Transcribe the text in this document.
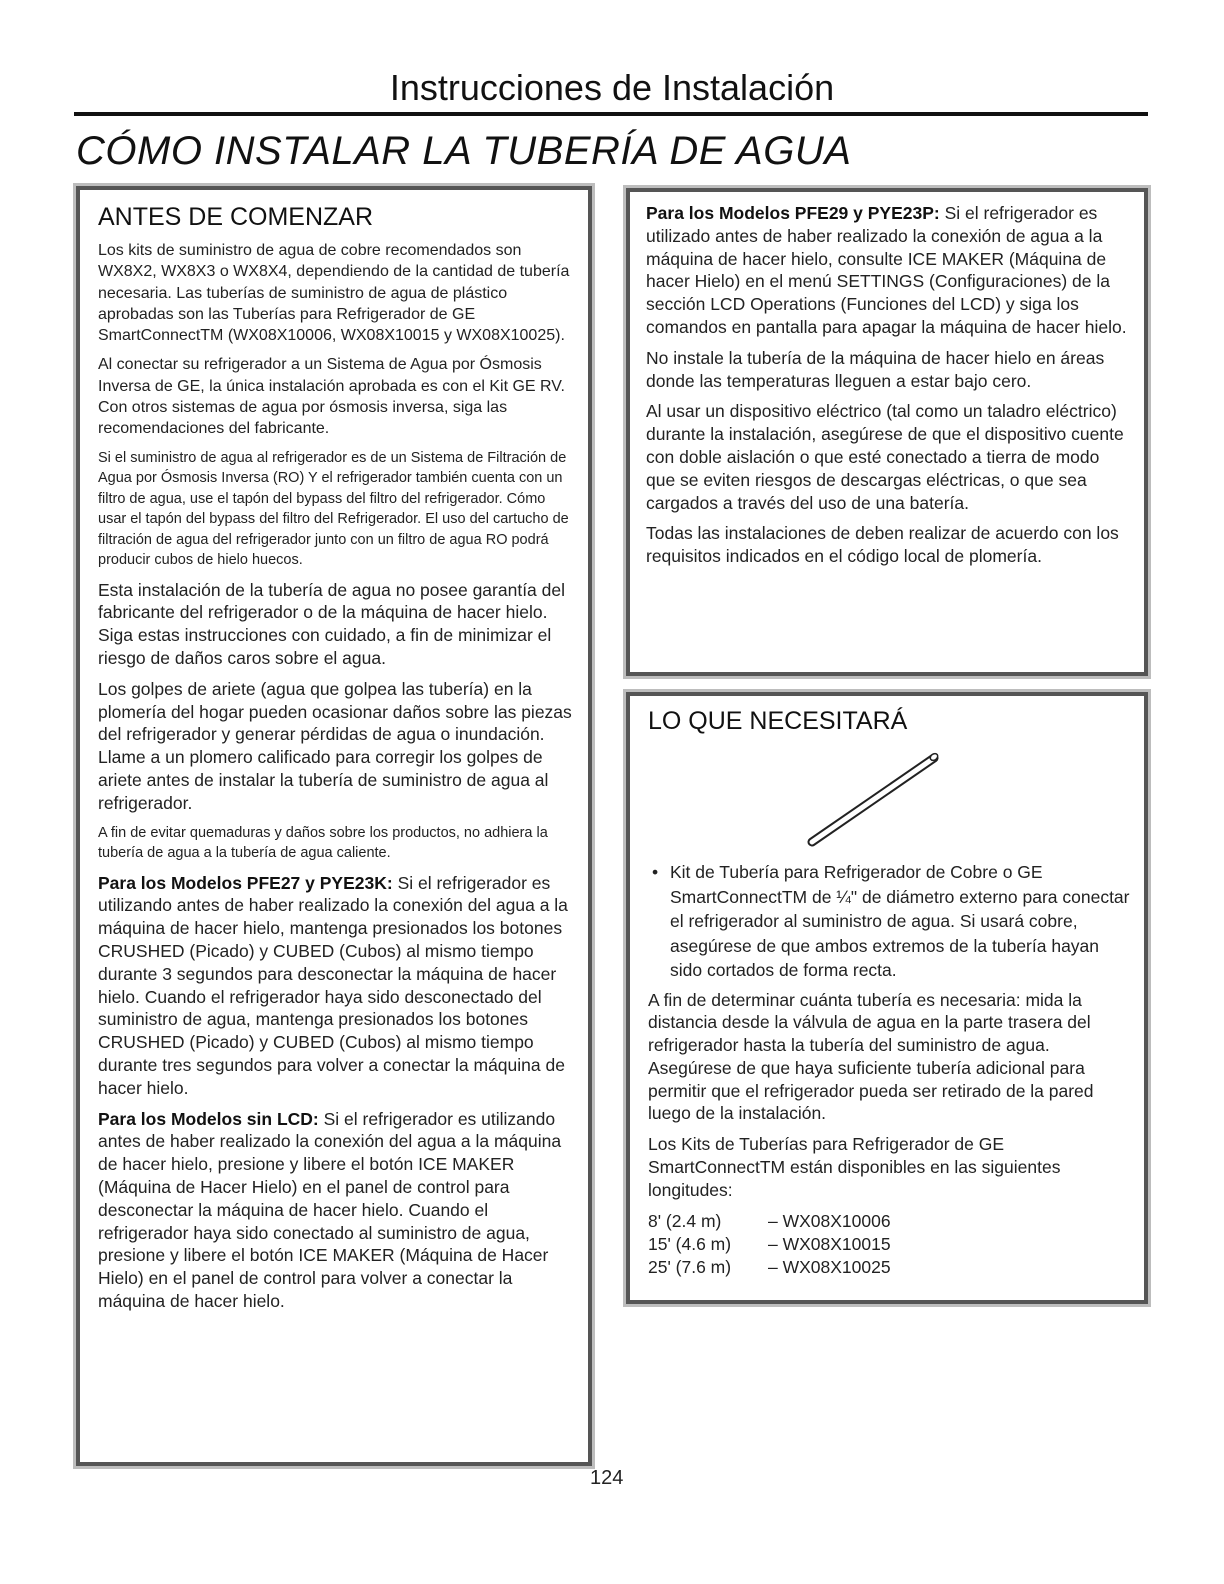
Instrucciones de Instalación
CÓMO INSTALAR LA TUBERÍA DE AGUA
ANTES DE COMENZAR

Los kits de suministro de agua de cobre recomendados son WX8X2, WX8X3 o WX8X4, dependiendo de la cantidad de tubería necesaria. Las tuberías de suministro de agua de plástico aprobadas son las Tuberías para Refrigerador de GE SmartConnectTM (WX08X10006, WX08X10015 y WX08X10025).

Al conectar su refrigerador a un Sistema de Agua por Ósmosis Inversa de GE, la única instalación aprobada es con el Kit GE RV. Con otros sistemas de agua por ósmosis inversa, siga las recomendaciones del fabricante.

Si el suministro de agua al refrigerador es de un Sistema de Filtración de Agua por Ósmosis Inversa (RO) Y el refrigerador también cuenta con un filtro de agua, use el tapón del bypass del filtro del refrigerador. Cómo usar el tapón del bypass del filtro del Refrigerador. El uso del cartucho de filtración de agua del refrigerador junto con un filtro de agua RO podrá producir cubos de hielo huecos.

Esta instalación de la tubería de agua no posee garantía del fabricante del refrigerador o de la máquina de hacer hielo. Siga estas instrucciones con cuidado, a fin de minimizar el riesgo de daños caros sobre el agua.

Los golpes de ariete (agua que golpea las tubería) en la plomería del hogar pueden ocasionar daños sobre las piezas del refrigerador y generar pérdidas de agua o inundación. Llame a un plomero calificado para corregir los golpes de ariete antes de instalar la tubería de suministro de agua al refrigerador.

A fin de evitar quemaduras y daños sobre los productos, no adhiera la tubería de agua a la tubería de agua caliente.

Para los Modelos PFE27 y PYE23K: Si el refrigerador es utilizando antes de haber realizado la conexión del agua a la máquina de hacer hielo, mantenga presionados los botones CRUSHED (Picado) y CUBED (Cubos) al mismo tiempo durante 3 segundos para desconectar la máquina de hacer hielo. Cuando el refrigerador haya sido desconectado del suministro de agua, mantenga presionados los botones CRUSHED (Picado) y CUBED (Cubos) al mismo tiempo durante tres segundos para volver a conectar la máquina de hacer hielo.

Para los Modelos sin LCD: Si el refrigerador es utilizando antes de haber realizado la conexión del agua a la máquina de hacer hielo, presione y libere el botón ICE MAKER (Máquina de Hacer Hielo) en el panel de control para desconectar la máquina de hacer hielo. Cuando el refrigerador haya sido conectado al suministro de agua, presione y libere el botón ICE MAKER (Máquina de Hacer Hielo) en el panel de control para volver a conectar la máquina de hacer hielo.

Para los Modelos PFE29 y PYE23P: Si el refrigerador es utilizado antes de haber realizado la conexión de agua a la máquina de hacer hielo, consulte ICE MAKER (Máquina de hacer Hielo) en el menú SETTINGS (Configuraciones) de la sección LCD Operations (Funciones del LCD) y siga los comandos en pantalla para apagar la máquina de hacer hielo.

No instale la tubería de la máquina de hacer hielo en áreas donde las temperaturas lleguen a estar bajo cero.

Al usar un dispositivo eléctrico (tal como un taladro eléctrico) durante la instalación, asegúrese de que el dispositivo cuente con doble aislación o que esté conectado a tierra de modo que se eviten riesgos de descargas eléctricas, o que sea cargados a través del uso de una batería.

Todas las instalaciones de deben realizar de acuerdo con los requisitos indicados en el código local de plomería.

LO QUE NECESITARÁ
• Kit de Tubería para Refrigerador de Cobre o GE SmartConnectTM de ¼" de diámetro externo para conectar el refrigerador al suministro de agua. Si usará cobre, asegúrese de que ambos extremos de la tubería hayan sido cortados de forma recta.

A fin de determinar cuánta tubería es necesaria: mida la distancia desde la válvula de agua en la parte trasera del refrigerador hasta la tubería del suministro de agua. Asegúrese de que haya suficiente tubería adicional para permitir que el refrigerador pueda ser retirado de la pared luego de la instalación.

Los Kits de Tuberías para Refrigerador de GE SmartConnectTM están disponibles en las siguientes longitudes:

8' (2.4 m)	– WX08X10006
15' (4.6 m)	– WX08X10015
25' (7.6 m)	– WX08X10025
124
